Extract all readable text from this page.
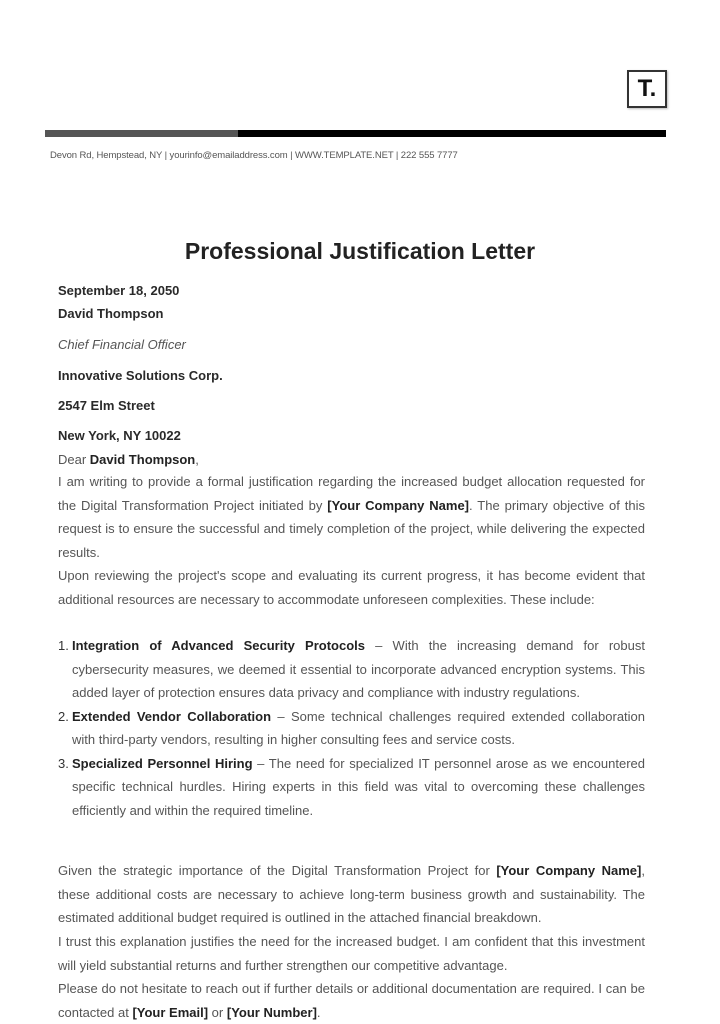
T.
Devon Rd, Hempstead, NY | yourinfo@emailaddress.com | WWW.TEMPLATE.NET | 222 555 7777
Professional Justification Letter
September 18, 2050
David Thompson
Chief Financial Officer
Innovative Solutions Corp.
2547 Elm Street
New York, NY 10022
Dear David Thompson,
I am writing to provide a formal justification regarding the increased budget allocation requested for the Digital Transformation Project initiated by [Your Company Name]. The primary objective of this request is to ensure the successful and timely completion of the project, while delivering the expected results.
Upon reviewing the project's scope and evaluating its current progress, it has become evident that additional resources are necessary to accommodate unforeseen complexities. These include:
1. Integration of Advanced Security Protocols – With the increasing demand for robust cybersecurity measures, we deemed it essential to incorporate advanced encryption systems. This added layer of protection ensures data privacy and compliance with industry regulations.
2. Extended Vendor Collaboration – Some technical challenges required extended collaboration with third-party vendors, resulting in higher consulting fees and service costs.
3. Specialized Personnel Hiring – The need for specialized IT personnel arose as we encountered specific technical hurdles. Hiring experts in this field was vital to overcoming these challenges efficiently and within the required timeline.
Given the strategic importance of the Digital Transformation Project for [Your Company Name], these additional costs are necessary to achieve long-term business growth and sustainability. The estimated additional budget required is outlined in the attached financial breakdown.
I trust this explanation justifies the need for the increased budget. I am confident that this investment will yield substantial returns and further strengthen our competitive advantage.
Please do not hesitate to reach out if further details or additional documentation are required. I can be contacted at [Your Email] or [Your Number].
